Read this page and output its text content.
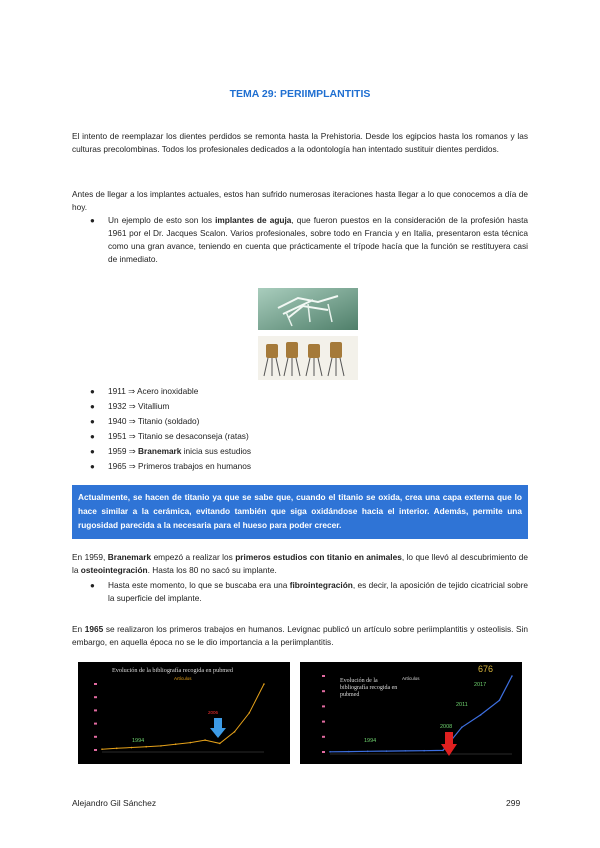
TEMA 29: PERIIMPLANTITIS

El intento de reemplazar los dientes perdidos se remonta hasta la Prehistoria. Desde los egipcios hasta los romanos y las culturas precolombinas. Todos los profesionales dedicados a la odontología han intentado sustituir dientes perdidos.

Antes de llegar a los implantes actuales, estos han sufrido numerosas iteraciones hasta llegar a lo que conocemos a día de hoy.

● Un ejemplo de esto son los implantes de aguja, que fueron puestos en la consideración de la profesión hasta 1961 por el Dr. Jacques Scalon. Varios profesionales, sobre todo en Francia y en Italia, presentaron esta técnica como una gran avance, teniendo en cuenta que prácticamente el trípode hacía que la función se restituyera casi de inmediato.

● 1911 ⇒ Acero inoxidable
● 1932 ⇒ Vitallium
● 1940 ⇒ Titanio (soldado)
● 1951 ⇒ Titanio se desaconseja (ratas)
● 1959 ⇒ Branemark inicia sus estudios
● 1965 ⇒ Primeros trabajos en humanos
Actualmente, se hacen de titanio ya que se sabe que, cuando el titanio se oxida, crea una capa externa que lo hace similar a la cerámica, evitando también que siga oxidándose hacia el interior. Además, permite una rugosidad parecida a la necesaria para el hueso para poder crecer.

En 1959, Branemark empezó a realizar los primeros estudios con titanio en animales, lo que llevó al descubrimiento de la osteointegración. Hasta los 80 no sacó su implante.

● Hasta este momento, lo que se buscaba era una fibrointegración, es decir, la aposición de tejido cicatricial sobre la superficie del implante.

En 1965 se realizaron los primeros trabajos en humanos. Levignac publicó un artículo sobre periimplantitis y osteolisis. Sin embargo, en aquella época no se le dio importancia a la periimplantitis.

Evolución de la bibliografía recogida en pubmed
Artículos
1994
2006
Evolución de la bibliografía recogida en pubmed
Artículos
1994
2008
2011
2017
676
Alejandro Gil Sánchez	299
